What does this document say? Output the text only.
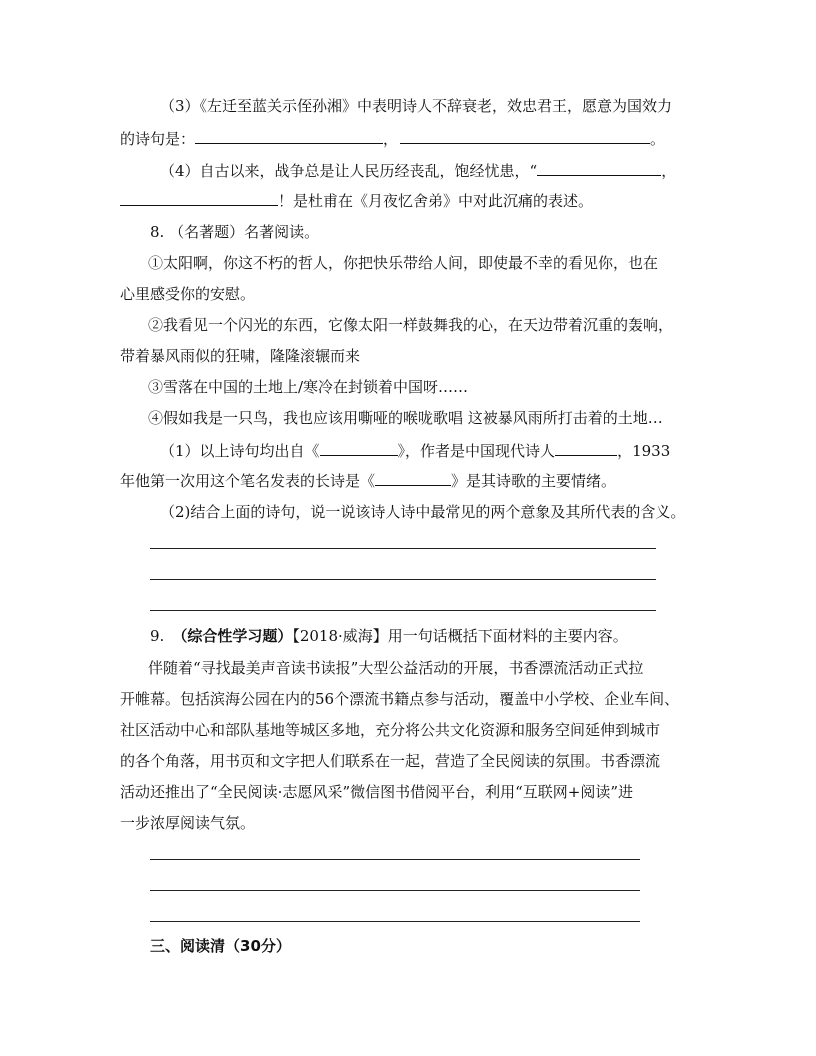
（3）《左迁至蓝关示侄孙湘》中表明诗人不辞衰老，效忠君王，愿意为国效力
的诗句是：	，	。
（4）自古以来，战争总是让人民历经丧乱，饱经忧患，“	，
！是杜甫在《月夜忆舍弟》中对此沉痛的表述。
8. （名著题）名著阅读。
①太阳啊，你这不朽的哲人，你把快乐带给人间，即使最不幸的看见你，也在
心里感受你的安慰。
②我看见一个闪光的东西，它像太阳一样鼓舞我的心，在天边带着沉重的轰响，
带着暴风雨似的狂啸，隆隆滚辗而来
③雪落在中国的土地上/寒冷在封锁着中国呀……
④假如我是一只鸟，我也应该用嘶哑的喉咙歌唱 这被暴风雨所打击着的土地…
（1）以上诗句均出自《	》，作者是中国现代诗人	，1933
年他第一次用这个笔名发表的长诗是《	》是其诗歌的主要情绪。
（2)结合上面的诗句，说一说该诗人诗中最常见的两个意象及其所代表的含义。
9. （综合性学习题）【2018·威海】用一句话概括下面材料的主要内容。
伴随着“寻找最美声音读书读报”大型公益活动的开展，书香漂流活动正式拉
开帷幕。包括滨海公园在内的56个漂流书籍点参与活动，覆盖中小学校、企业车间、
社区活动中心和部队基地等城区多地，充分将公共文化资源和服务空间延伸到城市
的各个角落，用书页和文字把人们联系在一起，营造了全民阅读的氛围。书香漂流
活动还推出了“全民阅读·志愿风采”微信图书借阅平台，利用“互联网+阅读”进
一步浓厚阅读气氛。
三、阅读清（30分）
